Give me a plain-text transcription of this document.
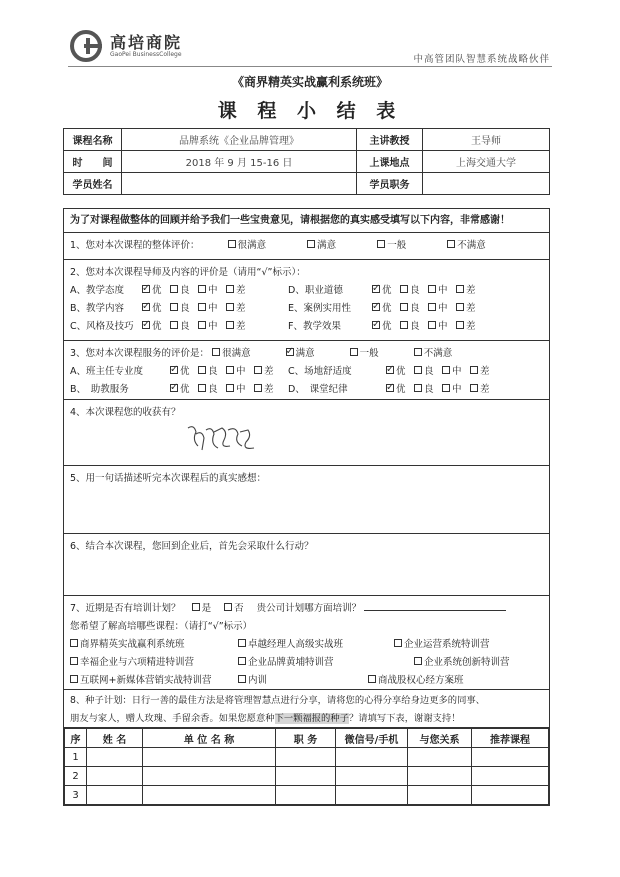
高培商院
GaoPei BusinessCollege	中高管团队智慧系统战略伙伴
《商界精英实战赢利系统班》
课 程 小 结 表
课程名称	品牌系统《企业品牌管理》	主讲教授	王导师
时　　间	2018 年 9 月 15-16 日	上课地点	上海交通大学
学员姓名		学员职务	
为了对课程做整体的回顾并给予我们一些宝贵意见，请根据您的真实感受填写以下内容，非常感谢！
1、您对本次课程的整体评价：	很满意	满意	一般	不满意
2、您对本次课程导师及内容的评价是（请用“√”标示）：
A、教学态度 ✓	优	良	中	差	D、职业道德 ✓	优	良	中	差
B、教学内容 ✓	优	良	中	差	E、案例实用性 ✓	优	良	中	差
C、风格及技巧 ✓	优	良	中	差	F、教学效果 ✓	优	良	中	差
3、您对本次课程服务的评价是： 很满意 ✓	满意	一般	不满意
A、班主任专业度 ✓	优	良	中	差	C、场地舒适度 ✓	优	良	中	差
B、　助教服务 ✓	优	良	中	差	D、　课堂纪律 ✓	优	良	中	差
4、本次课程您的收获有？
5、用一句话描述听完本次课程后的真实感想：
6、结合本次课程，您回到企业后，首先会采取什么行动？
7、近期是否有培训计划？ 是 否 贵公司计划哪方面培训？
您希望了解高培哪些课程：（请打“√”标示）
商界精英实战赢利系统班	卓越经理人高级实战班	企业运营系统特训营
幸福企业与六项精进特训营	企业品牌黄埔特训营	企业系统创新特训营
互联网+新媒体营销实战特训营	内训	商战股权心经方案班
8、种子计划：日行一善的最佳方法是将管理智慧点进行分享，请将您的心得分享给身边更多的同事、
朋友与家人，赠人玫瑰、手留余香。如果您愿意种下一颗福报的种子？请填写下表，谢谢支持！
序	姓 名	单 位 名 称	职 务	微信号/手机	与您关系	推荐课程
1						
2						
3						
